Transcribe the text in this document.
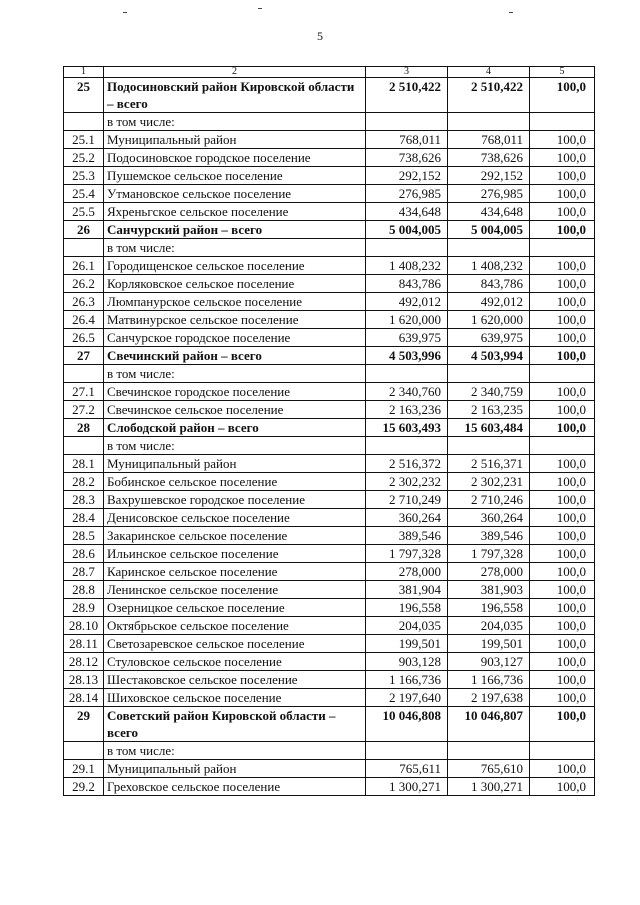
5
1	2	3	4	5
25	Подосиновский район Кировской области – всего	2 510,422	2 510,422	100,0
	в том числе:			
25.1	Муниципальный район	768,011	768,011	100,0
25.2	Подосиновское городское поселение	738,626	738,626	100,0
25.3	Пушемское сельское поселение	292,152	292,152	100,0
25.4	Утмановское сельское поселение	276,985	276,985	100,0
25.5	Яхреньгское сельское поселение	434,648	434,648	100,0
26	Санчурский район – всего	5 004,005	5 004,005	100,0
	в том числе:			
26.1	Городищенское сельское поселение	1 408,232	1 408,232	100,0
26.2	Корляковское сельское поселение	843,786	843,786	100,0
26.3	Люмпанурское сельское поселение	492,012	492,012	100,0
26.4	Матвинурское сельское поселение	1 620,000	1 620,000	100,0
26.5	Санчурское городское поселение	639,975	639,975	100,0
27	Свечинский район – всего	4 503,996	4 503,994	100,0
	в том числе:			
27.1	Свечинское городское поселение	2 340,760	2 340,759	100,0
27.2	Свечинское сельское поселение	2 163,236	2 163,235	100,0
28	Слободской район – всего	15 603,493	15 603,484	100,0
	в том числе:			
28.1	Муниципальный район	2 516,372	2 516,371	100,0
28.2	Бобинское сельское поселение	2 302,232	2 302,231	100,0
28.3	Вахрушевское городское поселение	2 710,249	2 710,246	100,0
28.4	Денисовское сельское поселение	360,264	360,264	100,0
28.5	Закаринское сельское поселение	389,546	389,546	100,0
28.6	Ильинское сельское поселение	1 797,328	1 797,328	100,0
28.7	Каринское сельское поселение	278,000	278,000	100,0
28.8	Ленинское сельское поселение	381,904	381,903	100,0
28.9	Озерницкое сельское поселение	196,558	196,558	100,0
28.10	Октябрьское сельское поселение	204,035	204,035	100,0
28.11	Светозаревское сельское поселение	199,501	199,501	100,0
28.12	Стуловское сельское поселение	903,128	903,127	100,0
28.13	Шестаковское сельское поселение	1 166,736	1 166,736	100,0
28.14	Шиховское сельское поселение	2 197,640	2 197,638	100,0
29	Советский район Кировской области – всего	10 046,808	10 046,807	100,0
	в том числе:			
29.1	Муниципальный район	765,611	765,610	100,0
29.2	Греховское сельское поселение	1 300,271	1 300,271	100,0
